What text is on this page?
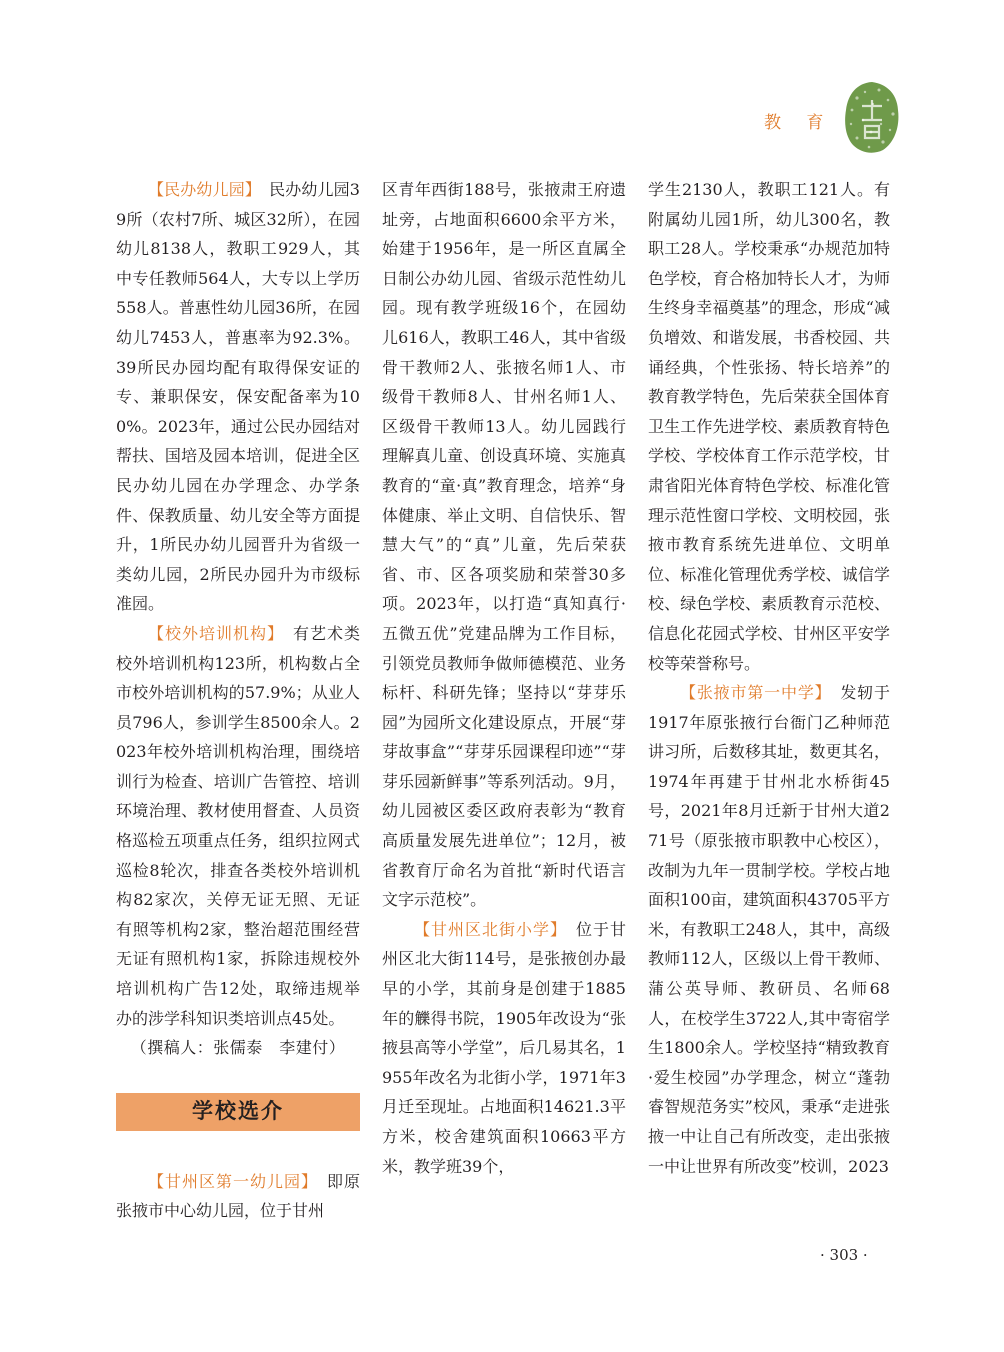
教 育

【民办幼儿园】　民办幼儿园39所（农村7所、城区32所），在园幼儿8138人，教职工929人，其中专任教师564人，大专以上学历558人。普惠性幼儿园36所，在园幼儿7453人，普惠率为92.3%。39所民办园均配有取得保安证的专、兼职保安，保安配备率为100%。2023年，通过公民办园结对帮扶、国培及园本培训，促进全区民办幼儿园在办学理念、办学条件、保教质量、幼儿安全等方面提升，1所民办幼儿园晋升为省级一类幼儿园，2所民办园升为市级标准园。

【校外培训机构】　有艺术类校外培训机构123所，机构数占全市校外培训机构的57.9%；从业人员796人，参训学生8500余人。2023年校外培训机构治理，围绕培训行为检查、培训广告管控、培训环境治理、教材使用督查、人员资格巡检五项重点任务，组织拉网式巡检8轮次，排查各类校外培训机构82家次，关停无证无照、无证有照等机构2家，整治超范围经营无证有照机构1家，拆除违规校外培训机构广告12处，取缔违规举办的涉学科知识类培训点45处。

（撰稿人：张儒泰　李建付）

学校选介

【甘州区第一幼儿园】　即原张掖市中心幼儿园，位于甘州

区青年西街188号，张掖肃王府遗址旁，占地面积6600余平方米，始建于1956年，是一所区直属全日制公办幼儿园、省级示范性幼儿园。现有教学班级16个，在园幼儿616人，教职工46人，其中省级骨干教师2人、张掖名师1人、市级骨干教师8人、甘州名师1人、区级骨干教师13人。幼儿园践行理解真儿童、创设真环境、实施真教育的“童·真”教育理念，培养“身体健康、举止文明、自信快乐、智慧大气”的“真”儿童，先后荣获省、市、区各项奖励和荣誉30多项。2023年，以打造“真知真行·五微五优”党建品牌为工作目标，引领党员教师争做师德模范、业务标杆、科研先锋；坚持以“芽芽乐园”为园所文化建设原点，开展“芽芽故事盒”“芽芽乐园课程印迹”“芽芽乐园新鲜事”等系列活动。9月，幼儿园被区委区政府表彰为“教育高质量发展先进单位”；12月，被省教育厅命名为首批“新时代语言文字示范校”。

【甘州区北街小学】　位于甘州区北大街114号，是张掖创办最早的小学，其前身是创建于1885年的觻得书院，1905年改设为“张掖县高等小学堂”，后几易其名，1955年改名为北街小学，1971年3月迁至现址。占地面积14621.3平方米，校舍建筑面积10663平方米，教学班39个，

学生2130人，教职工121人。有附属幼儿园1所，幼儿300名，教职工28人。学校秉承“办规范加特色学校，育合格加特长人才，为师生终身幸福奠基”的理念，形成“减负增效、和谐发展，书香校园、共诵经典，个性张扬、特长培养”的教育教学特色，先后荣获全国体育卫生工作先进学校、素质教育特色学校、学校体育工作示范学校，甘肃省阳光体育特色学校、标准化管理示范性窗口学校、文明校园，张掖市教育系统先进单位、文明单位、标准化管理优秀学校、诚信学校、绿色学校、素质教育示范校、信息化花园式学校、甘州区平安学校等荣誉称号。

【张掖市第一中学】　发轫于1917年原张掖行台衙门乙种师范讲习所，后数移其址，数更其名，1974年再建于甘州北水桥街45号，2021年8月迁新于甘州大道271号（原张掖市职教中心校区），改制为九年一贯制学校。学校占地面积100亩，建筑面积43705平方米，有教职工248人，其中，高级教师112人，区级以上骨干教师、蒲公英导师、教研员、名师68人，在校学生3722人,其中寄宿学生1800余人。学校坚持“精致教育·爱生校园”办学理念，树立“蓬勃睿智规范务实”校风，秉承“走进张掖一中让自己有所改变，走出张掖一中让世界有所改变”校训，2023

· 303 ·
